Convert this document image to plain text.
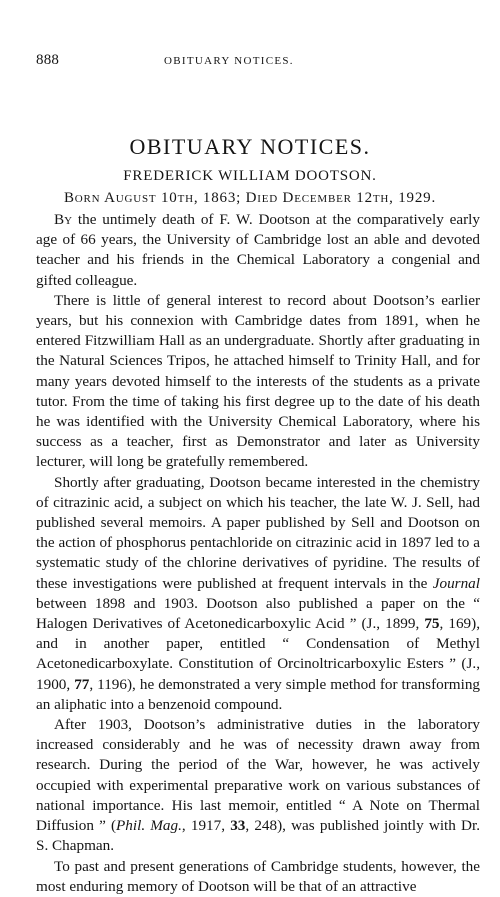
888	OBITUARY NOTICES.
OBITUARY NOTICES.
FREDERICK WILLIAM DOOTSON.
Born August 10th, 1863; Died December 12th, 1929.

By the untimely death of F. W. Dootson at the comparatively early age of 66 years, the University of Cambridge lost an able and devoted teacher and his friends in the Chemical Laboratory a congenial and gifted colleague.

There is little of general interest to record about Dootson’s earlier years, but his connexion with Cambridge dates from 1891, when he entered Fitzwilliam Hall as an undergraduate. Shortly after graduating in the Natural Sciences Tripos, he attached himself to Trinity Hall, and for many years devoted himself to the interests of the students as a private tutor. From the time of taking his first degree up to the date of his death he was identified with the University Chemical Laboratory, where his success as a teacher, first as Demonstrator and later as University lecturer, will long be gratefully remembered.

Shortly after graduating, Dootson became interested in the chemistry of citrazinic acid, a subject on which his teacher, the late W. J. Sell, had published several memoirs. A paper published by Sell and Dootson on the action of phosphorus pentachloride on citrazinic acid in 1897 led to a systematic study of the chlorine derivatives of pyridine. The results of these investigations were published at frequent intervals in the Journal between 1898 and 1903. Dootson also published a paper on the “ Halogen Derivatives of Acetonedicarboxylic Acid ” (J., 1899, 75, 169), and in another paper, entitled “ Condensation of Methyl Acetonedicarboxylate. Constitution of Orcinoltricarboxylic Esters ” (J., 1900, 77, 1196), he demonstrated a very simple method for transforming an aliphatic into a benzenoid compound.

After 1903, Dootson’s administrative duties in the laboratory increased considerably and he was of necessity drawn away from research. During the period of the War, however, he was actively occupied with experimental preparative work on various substances of national importance. His last memoir, entitled “ A Note on Thermal Diffusion ” (Phil. Mag., 1917, 33, 248), was published jointly with Dr. S. Chapman.

To past and present generations of Cambridge students, however, the most enduring memory of Dootson will be that of an attractive
